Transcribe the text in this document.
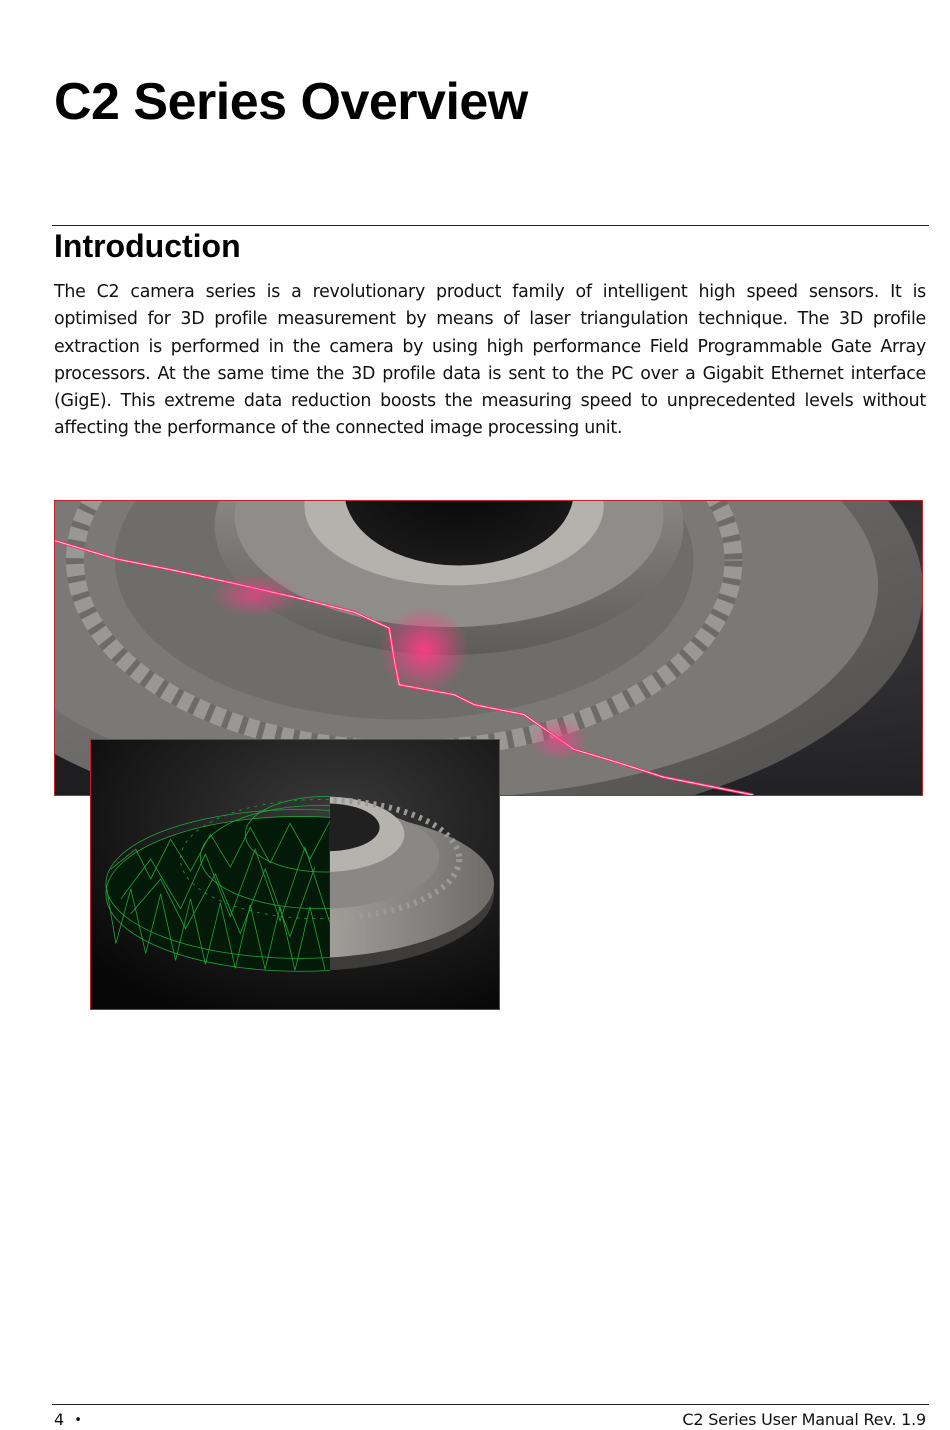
C2 Series Overview
Introduction

The C2 camera series is a revolutionary product family of intelligent high speed sensors. It is optimised for 3D profile measurement by means of laser triangulation technique. The 3D profile extraction is performed in the camera by using high performance Field Programmable Gate Array processors. At the same time the 3D profile data is sent to the PC over a Gigabit Ethernet interface (GigE). This extreme data reduction boosts the measuring speed to unprecedented levels without affecting the performance of the connected image processing unit.

4 •	C2 Series User Manual Rev. 1.9
